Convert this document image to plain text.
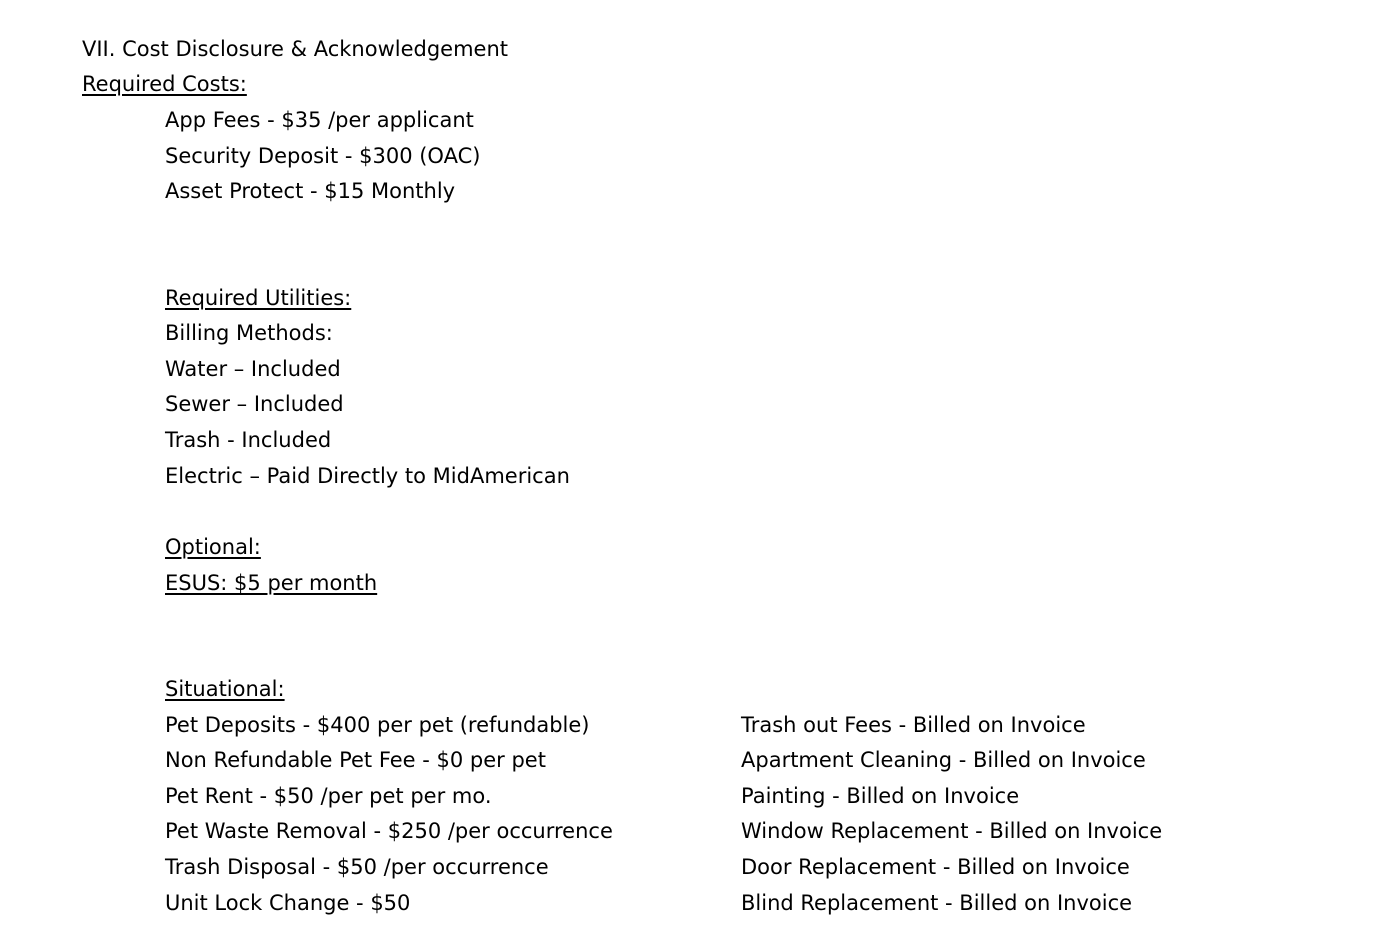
VII. Cost Disclosure & Acknowledgement
Required Costs:
App Fees - $35 /per applicant
Security Deposit - $300 (OAC)
Asset Protect - $15 Monthly
Required Utilities:
Billing Methods:
Water – Included
Sewer – Included
Trash - Included
Electric – Paid Directly to MidAmerican
Optional:
ESUS: $5 per month
Situational:
Pet Deposits - $400 per pet (refundable)
Non Refundable Pet Fee - $0 per pet
Pet Rent - $50 /per pet per mo.
Pet Waste Removal - $250 /per occurrence
Trash Disposal - $50 /per occurrence
Unit Lock Change - $50
Trash out Fees - Billed on Invoice
Apartment Cleaning - Billed on Invoice
Painting - Billed on Invoice
Window Replacement - Billed on Invoice
Door Replacement - Billed on Invoice
Blind Replacement - Billed on Invoice
